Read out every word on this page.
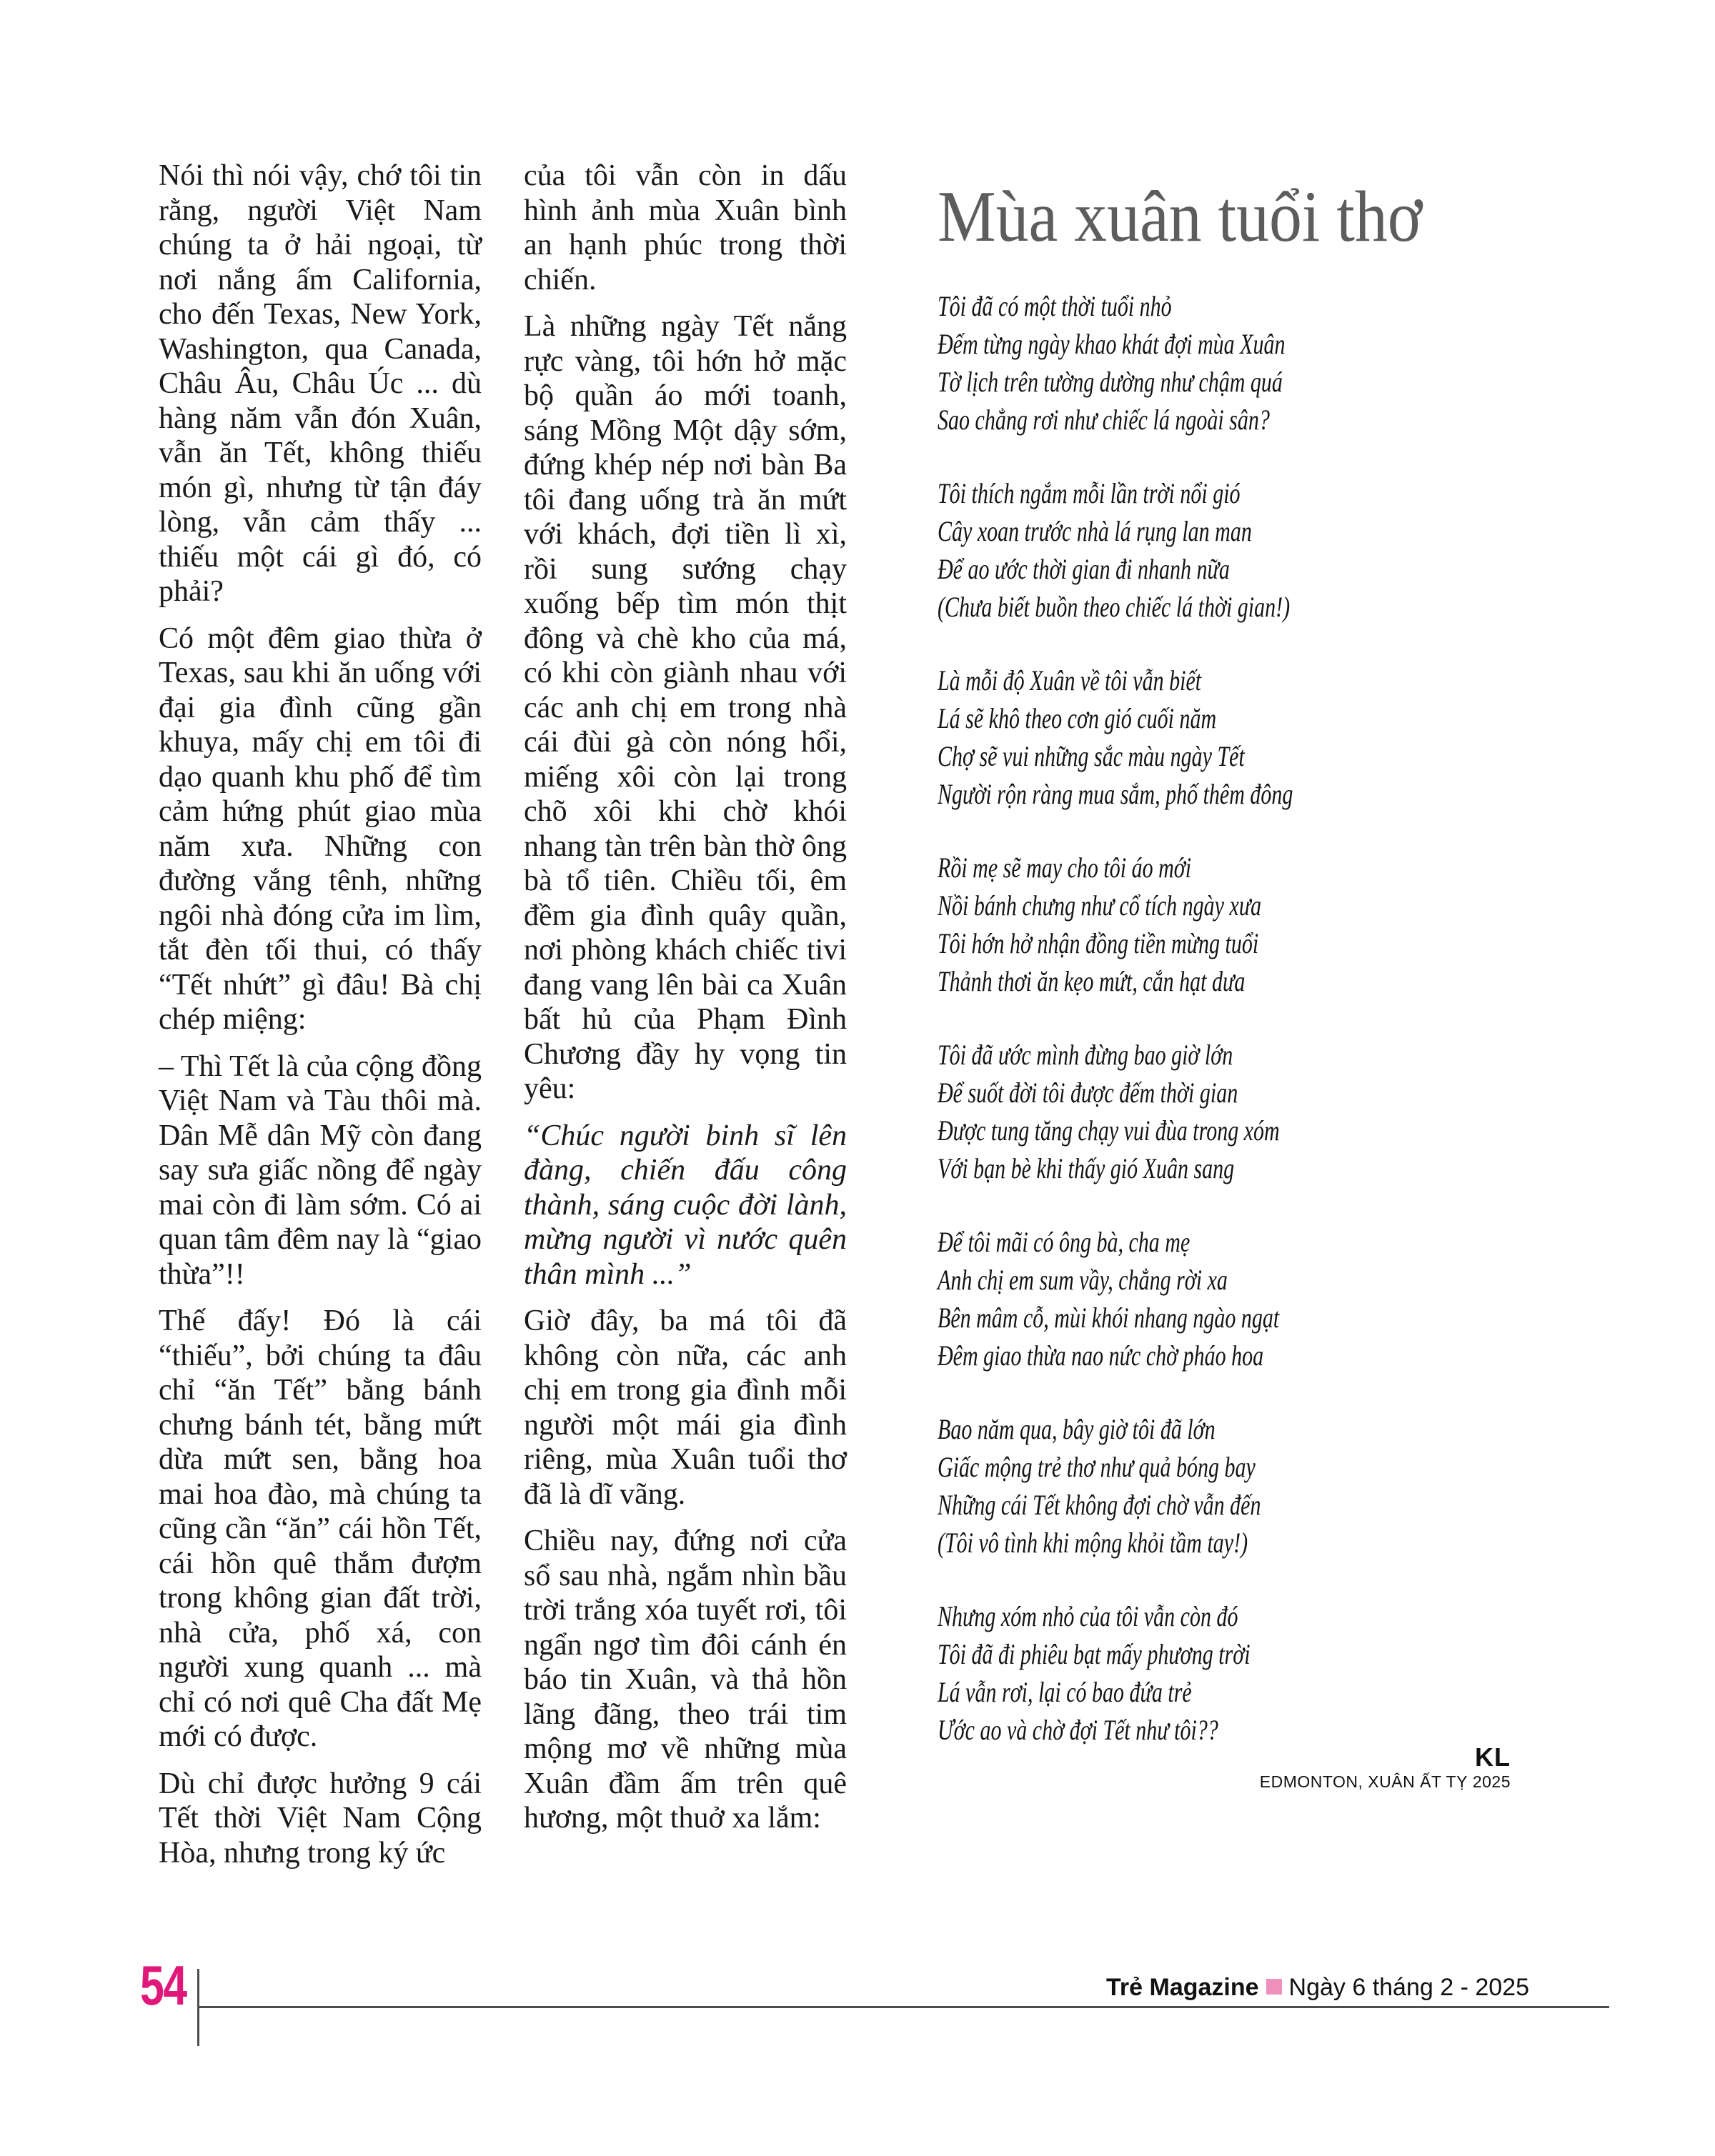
Nói thì nói vậy, chớ tôi tin rằng, người Việt Nam chúng ta ở hải ngoại, từ nơi nắng ấm California, cho đến Texas, New York, Washington, qua Canada, Châu Âu, Châu Úc ... dù hàng năm vẫn đón Xuân, vẫn ăn Tết, không thiếu món gì, nhưng từ tận đáy lòng, vẫn cảm thấy ... thiếu một cái gì đó, có phải?

Có một đêm giao thừa ở Texas, sau khi ăn uống với đại gia đình cũng gần khuya, mấy chị em tôi đi dạo quanh khu phố để tìm cảm hứng phút giao mùa năm xưa. Những con đường vắng tênh, những ngôi nhà đóng cửa im lìm, tắt đèn tối thui, có thấy “Tết nhứt” gì đâu! Bà chị chép miệng:

– Thì Tết là của cộng đồng Việt Nam và Tàu thôi mà. Dân Mễ dân Mỹ còn đang say sưa giấc nồng để ngày mai còn đi làm sớm. Có ai quan tâm đêm nay là “giao thừa”!!

Thế đấy! Đó là cái “thiếu”, bởi chúng ta đâu chỉ “ăn Tết” bằng bánh chưng bánh tét, bằng mứt dừa mứt sen, bằng hoa mai hoa đào, mà chúng ta cũng cần “ăn” cái hồn Tết, cái hồn quê thắm đượm trong không gian đất trời, nhà cửa, phố xá, con người xung quanh ... mà chỉ có nơi quê Cha đất Mẹ mới có được.

Dù chỉ được hưởng 9 cái Tết thời Việt Nam Cộng Hòa, nhưng trong ký ức

của tôi vẫn còn in dấu hình ảnh mùa Xuân bình an hạnh phúc trong thời chiến.

Là những ngày Tết nắng rực vàng, tôi hớn hở mặc bộ quần áo mới toanh, sáng Mồng Một dậy sớm, đứng khép nép nơi bàn Ba tôi đang uống trà ăn mứt với khách, đợi tiền lì xì, rồi sung sướng chạy xuống bếp tìm món thịt đông và chè kho của má, có khi còn giành nhau với các anh chị em trong nhà cái đùi gà còn nóng hổi, miếng xôi còn lại trong chõ xôi khi chờ khói nhang tàn trên bàn thờ ông bà tổ tiên. Chiều tối, êm đềm gia đình quây quần, nơi phòng khách chiếc tivi đang vang lên bài ca Xuân bất hủ của Phạm Đình Chương đầy hy vọng tin yêu:

“Chúc người binh sĩ lên đàng, chiến đấu công thành, sáng cuộc đời lành, mừng người vì nước quên thân mình ...”

Giờ đây, ba má tôi đã không còn nữa, các anh chị em trong gia đình mỗi người một mái gia đình riêng, mùa Xuân tuổi thơ đã là dĩ vãng.

Chiều nay, đứng nơi cửa sổ sau nhà, ngắm nhìn bầu trời trắng xóa tuyết rơi, tôi ngẩn ngơ tìm đôi cánh én báo tin Xuân, và thả hồn lãng đãng, theo trái tim mộng mơ về những mùa Xuân đầm ấm trên quê hương, một thuở xa lắm:

Mùa xuân tuổi thơ
Tôi đã có một thời tuổi nhỏ
Đếm từng ngày khao khát đợi mùa Xuân
Tờ lịch trên tường dường như chậm quá
Sao chẳng rơi như chiếc lá ngoài sân?
Tôi thích ngắm mỗi lần trời nổi gió
Cây xoan trước nhà lá rụng lan man
Để ao ước thời gian đi nhanh nữa
(Chưa biết buồn theo chiếc lá thời gian!)
Là mỗi độ Xuân về tôi vẫn biết
Lá sẽ khô theo cơn gió cuối năm
Chợ sẽ vui những sắc màu ngày Tết
Người rộn ràng mua sắm, phố thêm đông
Rồi mẹ sẽ may cho tôi áo mới
Nồi bánh chưng như cổ tích ngày xưa
Tôi hớn hở nhận đồng tiền mừng tuổi
Thảnh thơi ăn kẹo mứt, cắn hạt dưa
Tôi đã ước mình đừng bao giờ lớn
Để suốt đời tôi được đếm thời gian
Được tung tăng chạy vui đùa trong xóm
Với bạn bè khi thấy gió Xuân sang
Để tôi mãi có ông bà, cha mẹ
Anh chị em sum vầy, chẳng rời xa
Bên mâm cỗ, mùi khói nhang ngào ngạt
Đêm giao thừa nao nức chờ pháo hoa
Bao năm qua, bây giờ tôi đã lớn
Giấc mộng trẻ thơ như quả bóng bay
Những cái Tết không đợi chờ vẫn đến
(Tôi vô tình khi mộng khỏi tầm tay!)
Nhưng xóm nhỏ của tôi vẫn còn đó
Tôi đã đi phiêu bạt mấy phương trời
Lá vẫn rơi, lại có bao đứa trẻ
Ước ao và chờ đợi Tết như tôi??
KL
EDMONTON, XUÂN ẤT TỴ 2025
54	Trẻ Magazine Ngày 6 tháng 2 - 2025
